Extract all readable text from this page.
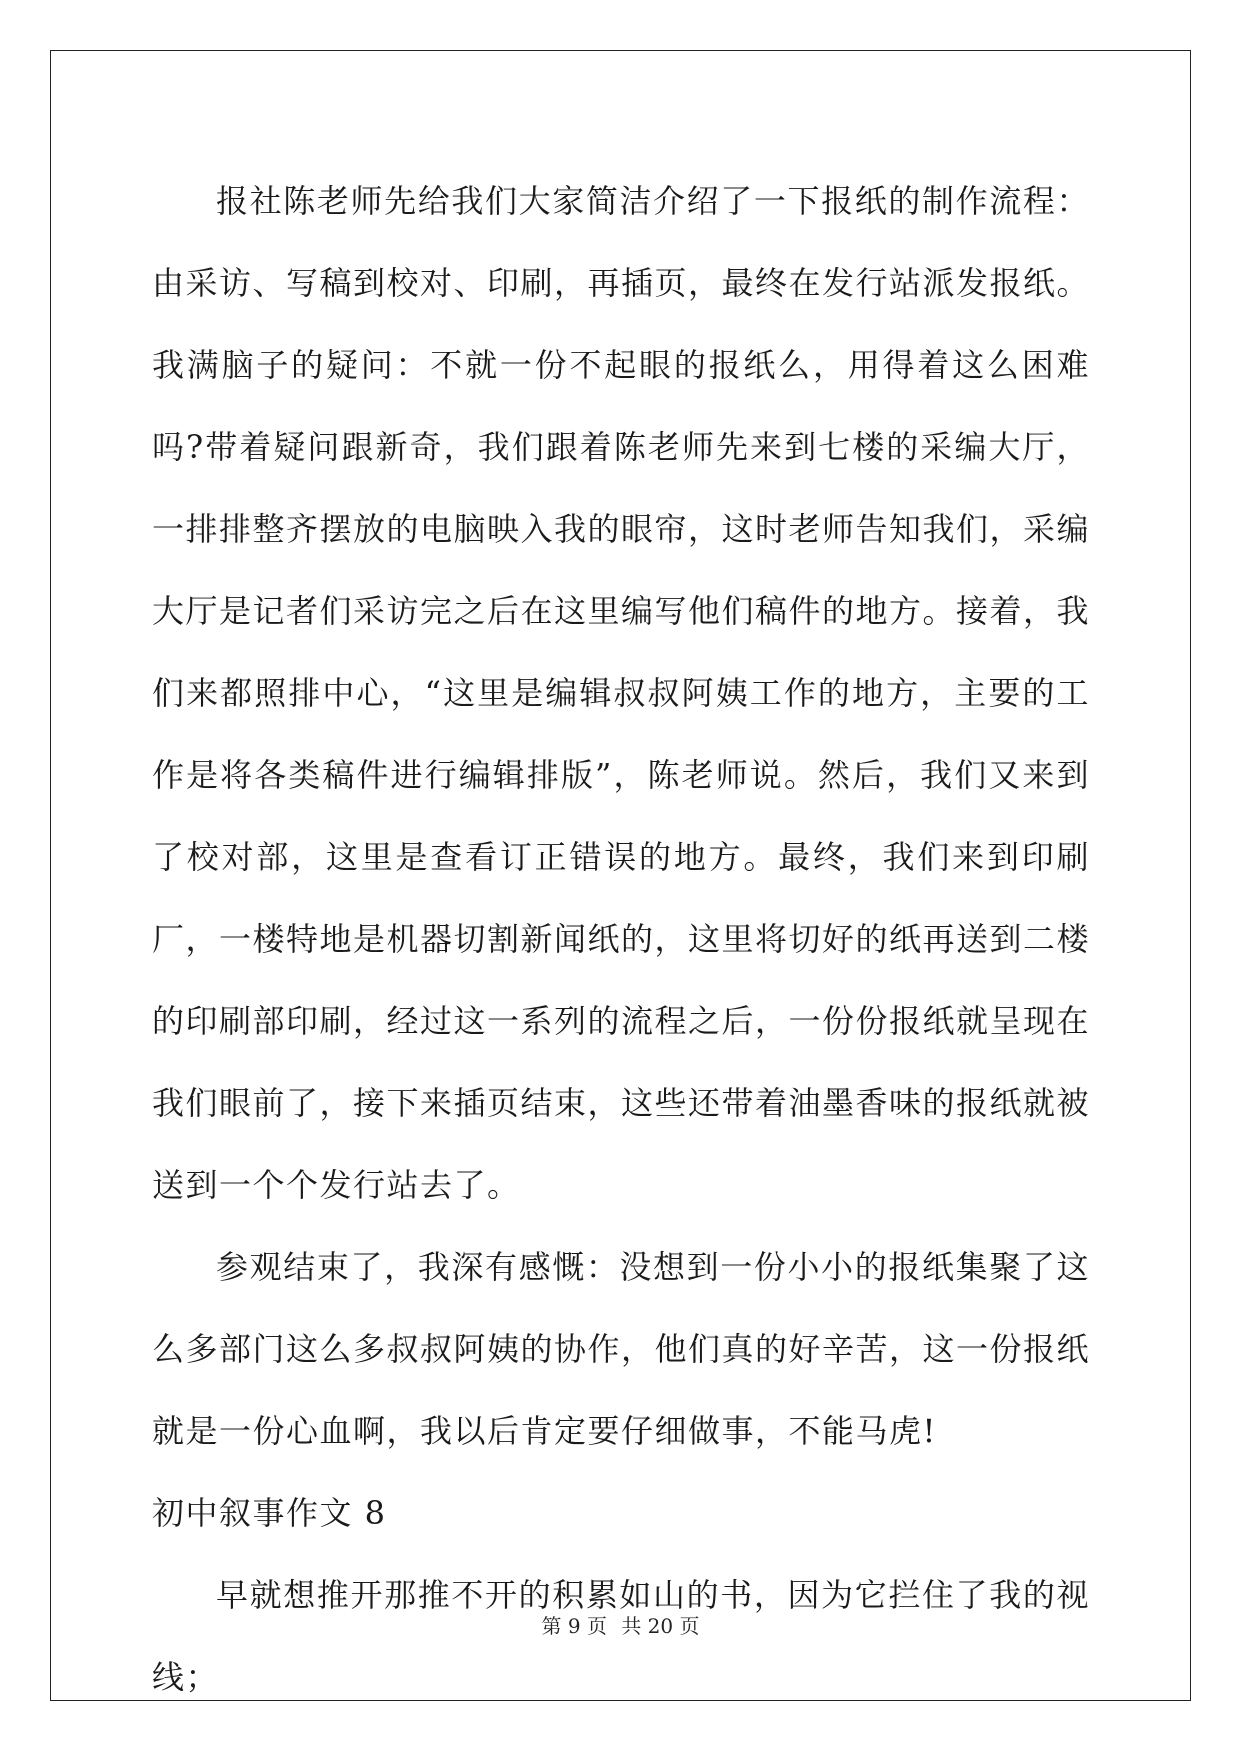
报社陈老师先给我们大家简洁介绍了一下报纸的制作流程：由采访、写稿到校对、印刷，再插页，最终在发行站派发报纸。我满脑子的疑问：不就一份不起眼的报纸么，用得着这么困难吗?带着疑问跟新奇，我们跟着陈老师先来到七楼的采编大厅，一排排整齐摆放的电脑映入我的眼帘，这时老师告知我们，采编大厅是记者们采访完之后在这里编写他们稿件的地方。接着，我们来都照排中心，“这里是编辑叔叔阿姨工作的地方，主要的工作是将各类稿件进行编辑排版”，陈老师说。然后，我们又来到了校对部，这里是查看订正错误的地方。最终，我们来到印刷厂，一楼特地是机器切割新闻纸的，这里将切好的纸再送到二楼的印刷部印刷，经过这一系列的流程之后，一份份报纸就呈现在我们眼前了，接下来插页结束，这些还带着油墨香味的报纸就被送到一个个发行站去了。

参观结束了，我深有感慨：没想到一份小小的报纸集聚了这么多部门这么多叔叔阿姨的协作，他们真的好辛苦，这一份报纸就是一份心血啊，我以后肯定要仔细做事，不能马虎!

初中叙事作文 8

早就想推开那推不开的积累如山的书，因为它拦住了我的视线；

第 9 页 共 20 页
